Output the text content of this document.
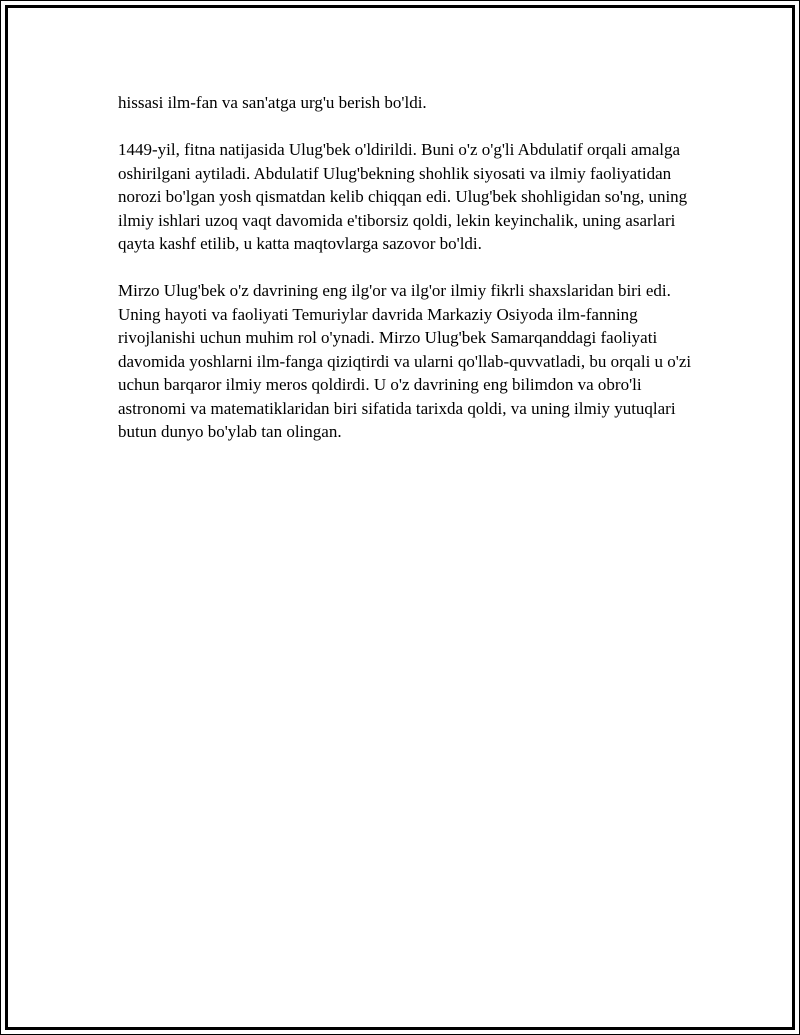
hissasi ilm-fan va san'atga urg'u berish bo'ldi.

1449-yil, fitna natijasida Ulug'bek o'ldirildi. Buni o'z o'g'li Abdulatif orqali amalga oshirilgani aytiladi. Abdulatif Ulug'bekning shohlik siyosati va ilmiy faoliyatidan norozi bo'lgan yosh qismatdan kelib chiqqan edi. Ulug'bek shohligidan so'ng, uning ilmiy ishlari uzoq vaqt davomida e'tiborsiz qoldi, lekin keyinchalik, uning asarlari qayta kashf etilib, u katta maqtovlarga sazovor bo'ldi.

Mirzo Ulug'bek o'z davrining eng ilg'or va ilg'or ilmiy fikrli shaxslaridan biri edi. Uning hayoti va faoliyati Temuriylar davrida Markaziy Osiyoda ilm-fanning rivojlanishi uchun muhim rol o'ynadi. Mirzo Ulug'bek Samarqanddagi faoliyati davomida yoshlarni ilm-fanga qiziqtirdi va ularni qo'llab-quvvatladi, bu orqali u o'zi uchun barqaror ilmiy meros qoldirdi. U o'z davrining eng bilimdon va obro'li astronomi va matematiklaridan biri sifatida tarixda qoldi, va uning ilmiy yutuqlari butun dunyo bo'ylab tan olingan.
